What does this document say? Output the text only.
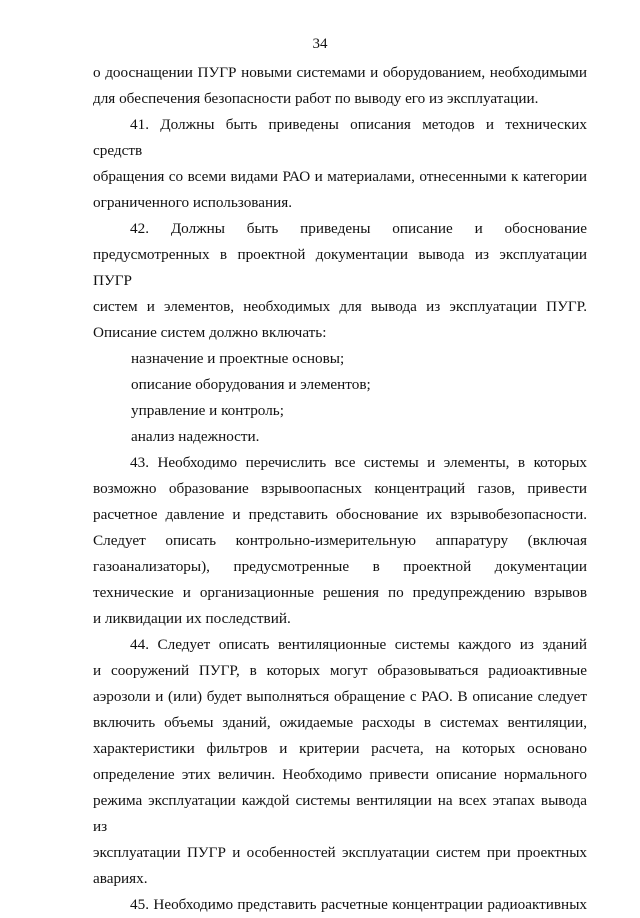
34

о дооснащении ПУГР новыми системами и оборудованием, необходимыми

для обеспечения безопасности работ по выводу его из эксплуатации.

41. Должны быть приведены описания методов и технических средств

обращения со всеми видами РАО и материалами, отнесенными к категории

ограниченного использования.

42. Должны быть приведены описание и обоснование

предусмотренных в проектной документации вывода из эксплуатации ПУГР

систем и элементов, необходимых для вывода из эксплуатации ПУГР.

Описание систем должно включать:

назначение и проектные основы;

описание оборудования и элементов;

управление и контроль;

анализ надежности.

43. Необходимо перечислить все системы и элементы, в которых

возможно образование взрывоопасных концентраций газов, привести

расчетное давление и представить обоснование их взрывобезопасности.

Следует описать контрольно-измерительную аппаратуру (включая

газоанализаторы), предусмотренные в проектной документации

технические и организационные решения по предупреждению взрывов

и ликвидации их последствий.

44. Следует описать вентиляционные системы каждого из зданий

и сооружений ПУГР, в которых могут образовываться радиоактивные

аэрозоли и (или) будет выполняться обращение с РАО. В описание следует

включить объемы зданий, ожидаемые расходы в системах вентиляции,

характеристики фильтров и критерии расчета, на которых основано

определение этих величин. Необходимо привести описание нормального

режима эксплуатации каждой системы вентиляции на всех этапах вывода из

эксплуатации ПУГР и особенностей эксплуатации систем при проектных

авариях.

45. Необходимо представить расчетные концентрации радиоактивных
